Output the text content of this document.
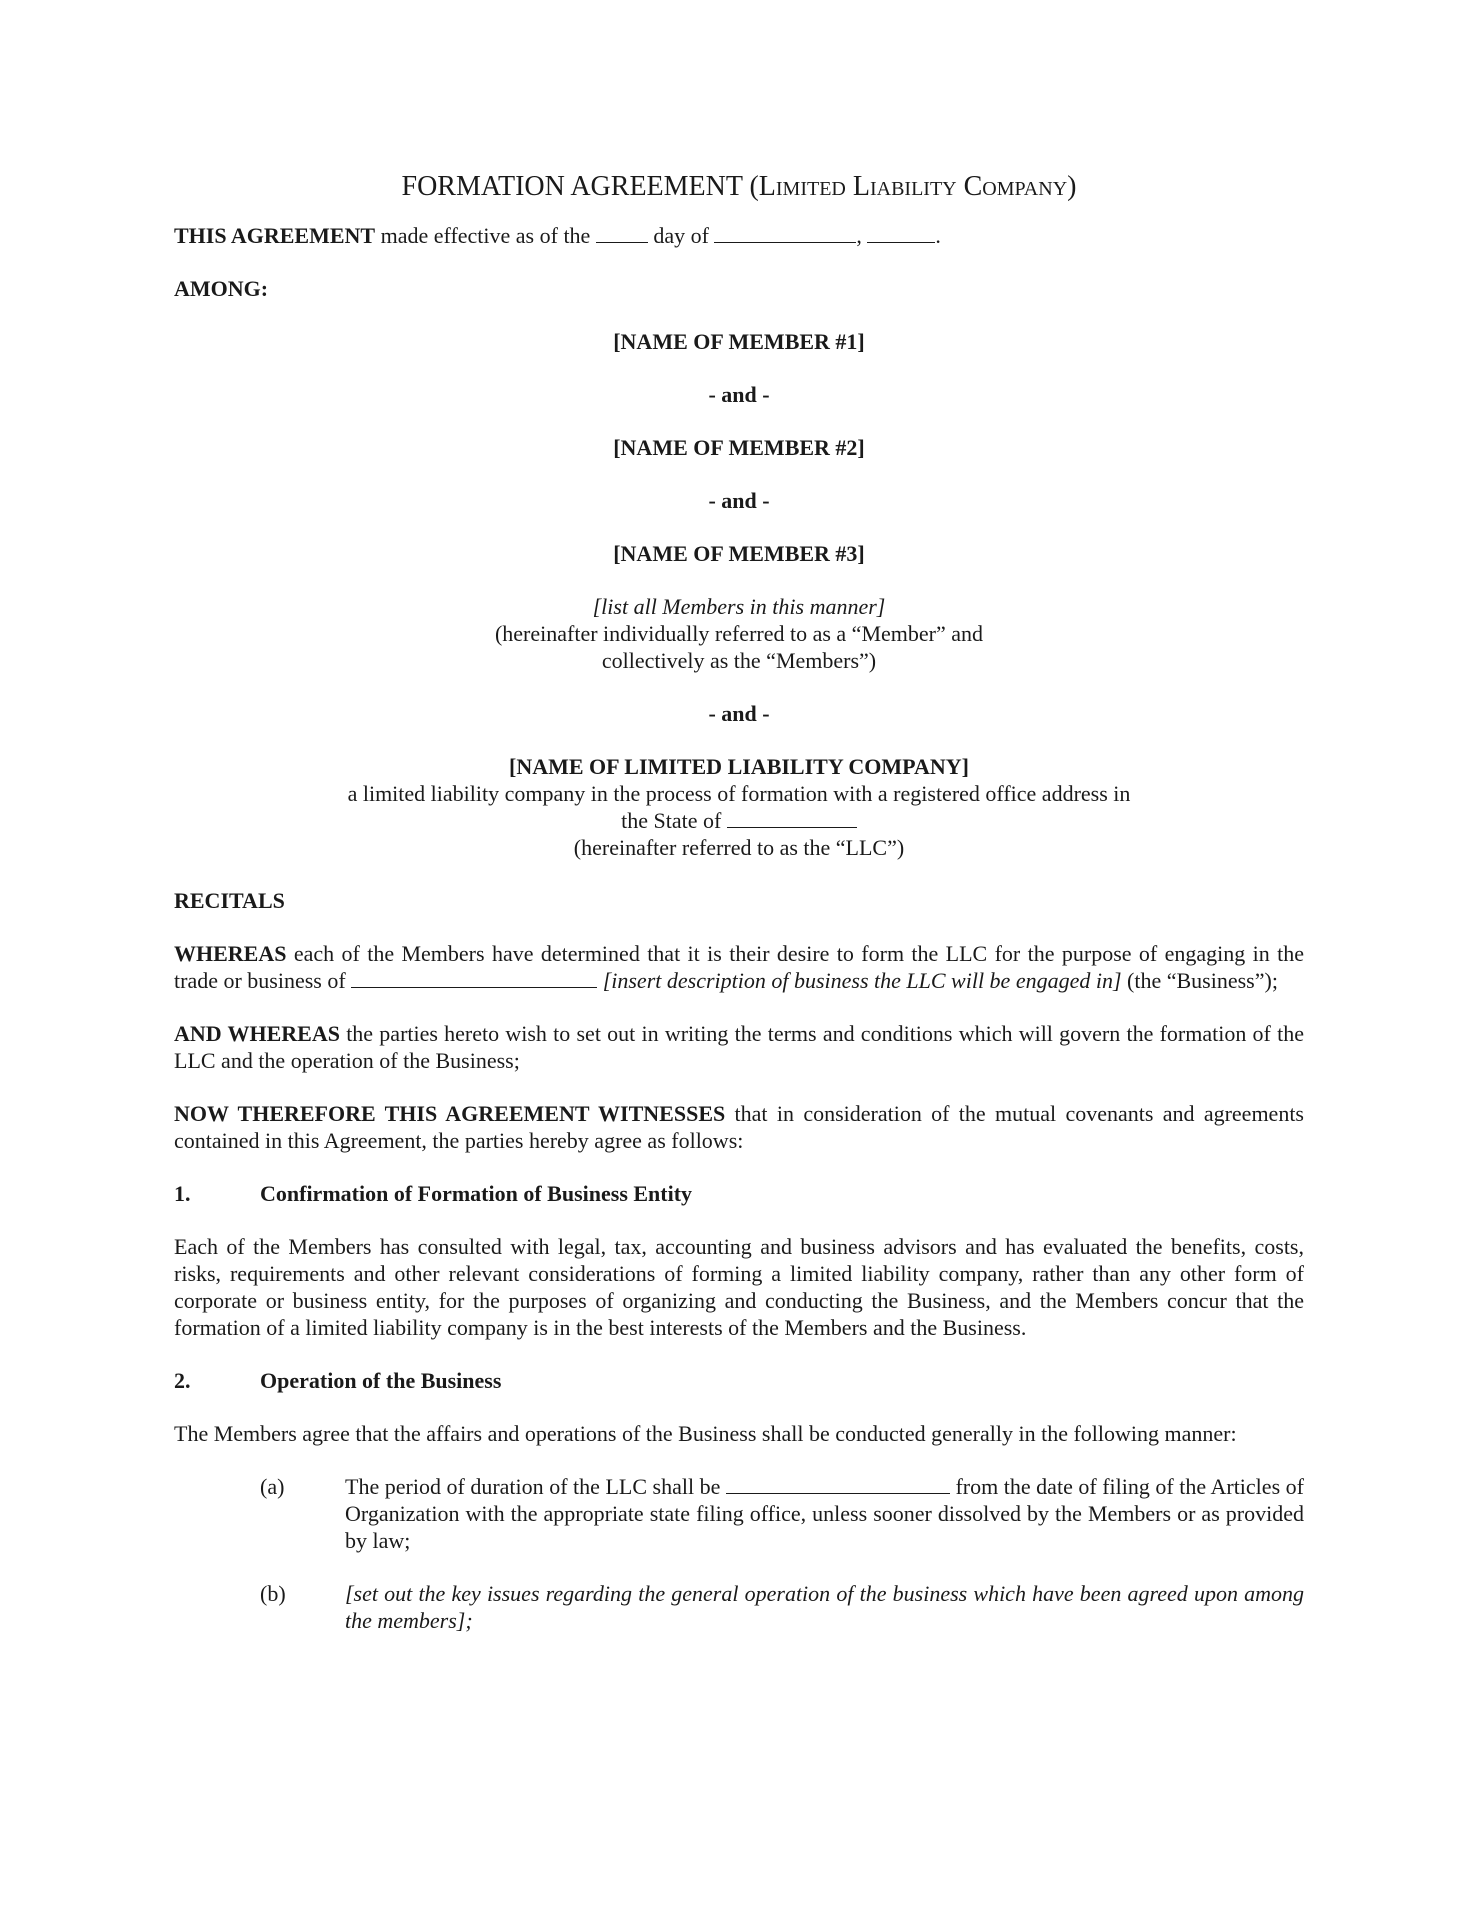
FORMATION AGREEMENT (Limited Liability Company)

THIS AGREEMENT made effective as of the  day of	,	.

AMONG:

[NAME OF MEMBER #1]

- and -

[NAME OF MEMBER #2]

- and -

[NAME OF MEMBER #3]

[list all Members in this manner]

(hereinafter individually referred to as a “Member” and

collectively as the “Members”)

- and -

[NAME OF LIMITED LIABILITY COMPANY]

a limited liability company in the process of formation with a registered office address in

the State of

(hereinafter referred to as the “LLC”)

RECITALS

WHEREAS each of the Members have determined that it is their desire to form the LLC for the purpose of engaging in the trade or business of	[insert description of business the LLC will be engaged in] (the “Business”);

AND WHEREAS the parties hereto wish to set out in writing the terms and conditions which will govern the formation of the LLC and the operation of the Business;

NOW THEREFORE THIS AGREEMENT WITNESSES that in consideration of the mutual covenants and agreements contained in this Agreement, the parties hereby agree as follows:

1.	Confirmation of Formation of Business Entity

Each of the Members has consulted with legal, tax, accounting and business advisors and has evaluated the benefits, costs, risks, requirements and other relevant considerations of forming a limited liability company, rather than any other form of corporate or business entity, for the purposes of organizing and conducting the Business, and the Members concur that the formation of a limited liability company is in the best interests of the Members and the Business.

2.	Operation of the Business

The Members agree that the affairs and operations of the Business shall be conducted generally in the following manner:

(a)	The period of duration of the LLC shall be	from the date of filing of the Articles of Organization with the appropriate state filing office, unless sooner dissolved by the Members or as provided by law;
(b)	[set out the key issues regarding the general operation of the business which have been agreed upon among the members];
